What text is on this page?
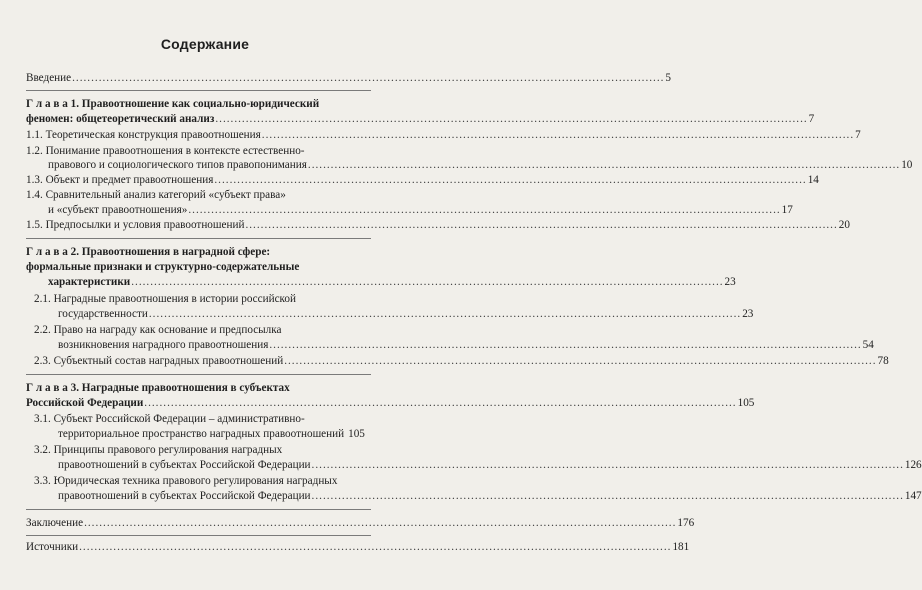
Содержание
Введение ............................................................................................................................................................ 5
Г л а в а 1. Правоотношение как социально-юридический
феномен: общетеоретический анализ ............................................................................................................................................................ 7
1.1. Теоретическая конструкция правоотношения ............................................................................................................................................................ 7
1.2. Понимание правоотношения в контексте естественно-
правового и социологического типов правопонимания ............................................................................................................................................................ 10
1.3. Объект и предмет правоотношения ............................................................................................................................................................ 14
1.4. Сравнительный анализ категорий «субъект права»
и «субъект правоотношения» ............................................................................................................................................................ 17
1.5. Предпосылки и условия правоотношений ............................................................................................................................................................ 20
Г л а в а 2. Правоотношения в наградной сфере:
формальные признаки и структурно-содержательные
характеристики ............................................................................................................................................................ 23
2.1. Наградные правоотношения в истории российской
государственности ............................................................................................................................................................ 23
2.2. Право на награду как основание и предпосылка
возникновения наградного правоотношения ............................................................................................................................................................ 54
2.3. Субъектный состав наградных правоотношений ............................................................................................................................................................ 78
Г л а в а 3. Наградные правоотношения в субъектах
Российской Федерации ............................................................................................................................................................ 105
3.1. Субъект Российской Федерации – административно-
территориальное пространство наградных правоотношений 105
3.2. Принципы правового регулирования наградных
правоотношений в субъектах Российской Федерации ............................................................................................................................................................ 126
3.3. Юридическая техника правового регулирования наградных
правоотношений в субъектах Российской Федерации ............................................................................................................................................................ 147
Заключение ............................................................................................................................................................ 176
Источники ............................................................................................................................................................ 181
